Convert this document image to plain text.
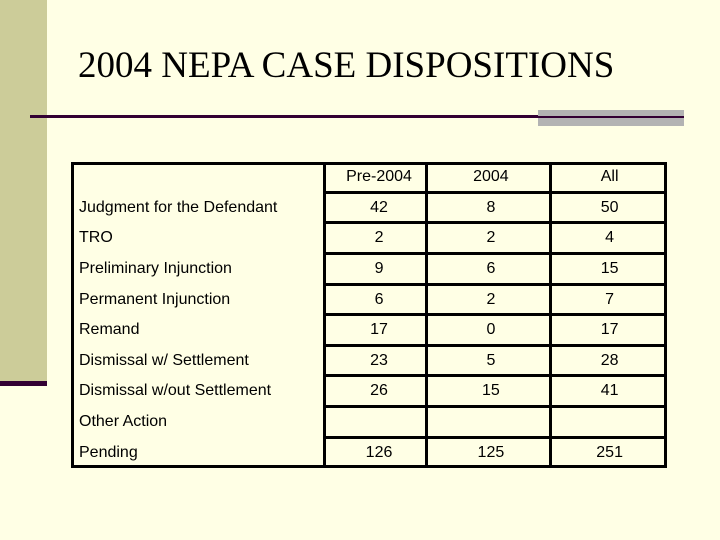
2004 NEPA CASE DISPOSITIONS
	Pre-2004	2004	All
Judgment for the Defendant	42	8	50
TRO	2	2	4
Preliminary Injunction	9	6	15
Permanent Injunction	6	2	7
Remand	17	0	17
Dismissal w/ Settlement	23	5	28
Dismissal w/out Settlement	26	15	41
Other Action			
Pending	126	125	251
